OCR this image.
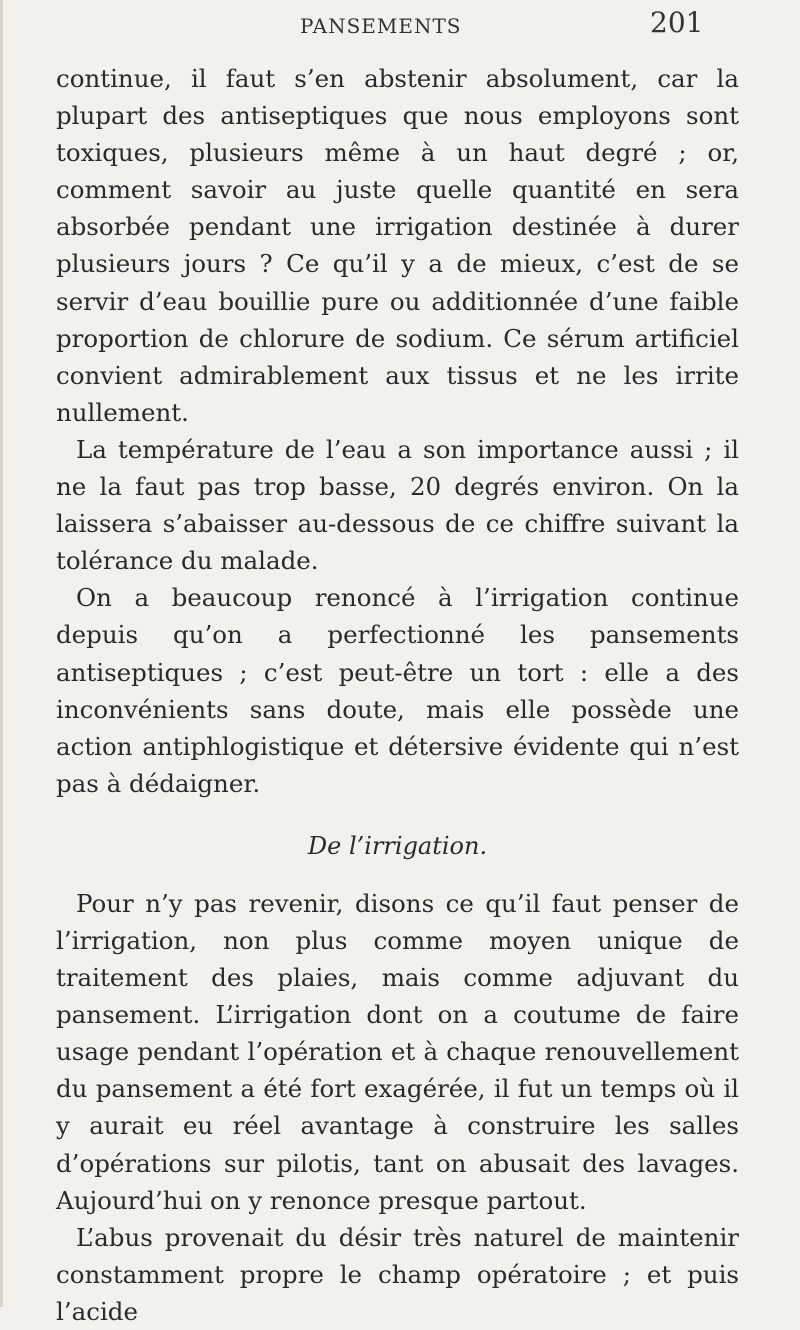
PANSEMENTS	201

continue, il faut s’en abstenir absolument, car la plupart des antiseptiques que nous employons sont toxiques, plusieurs même à un haut degré ; or, comment savoir au juste quelle quantité en sera absorbée pendant une irrigation destinée à durer plusieurs jours ? Ce qu’il y a de mieux, c’est de se servir d’eau bouillie pure ou additionnée d’une faible proportion de chlorure de sodium. Ce sérum artificiel convient admirablement aux tissus et ne les irrite nullement.

La température de l’eau a son importance aussi ; il ne la faut pas trop basse, 20 degrés environ. On la laissera s’abaisser au-dessous de ce chiffre suivant la tolérance du malade.

On a beaucoup renoncé à l’irrigation continue depuis qu’on a perfectionné les pansements antiseptiques ; c’est peut-être un tort : elle a des inconvénients sans doute, mais elle possède une action antiphlogistique et détersive évidente qui n’est pas à dédaigner.

De l’irrigation.

Pour n’y pas revenir, disons ce qu’il faut penser de l’irrigation, non plus comme moyen unique de traitement des plaies, mais comme adjuvant du pansement. L’irrigation dont on a coutume de faire usage pendant l’opération et à chaque renouvellement du pansement a été fort exagérée, il fut un temps où il y aurait eu réel avantage à construire les salles d’opérations sur pilotis, tant on abusait des lavages. Aujourd’hui on y renonce presque partout.

L’abus provenait du désir très naturel de maintenir constamment propre le champ opératoire ; et puis l’acide
